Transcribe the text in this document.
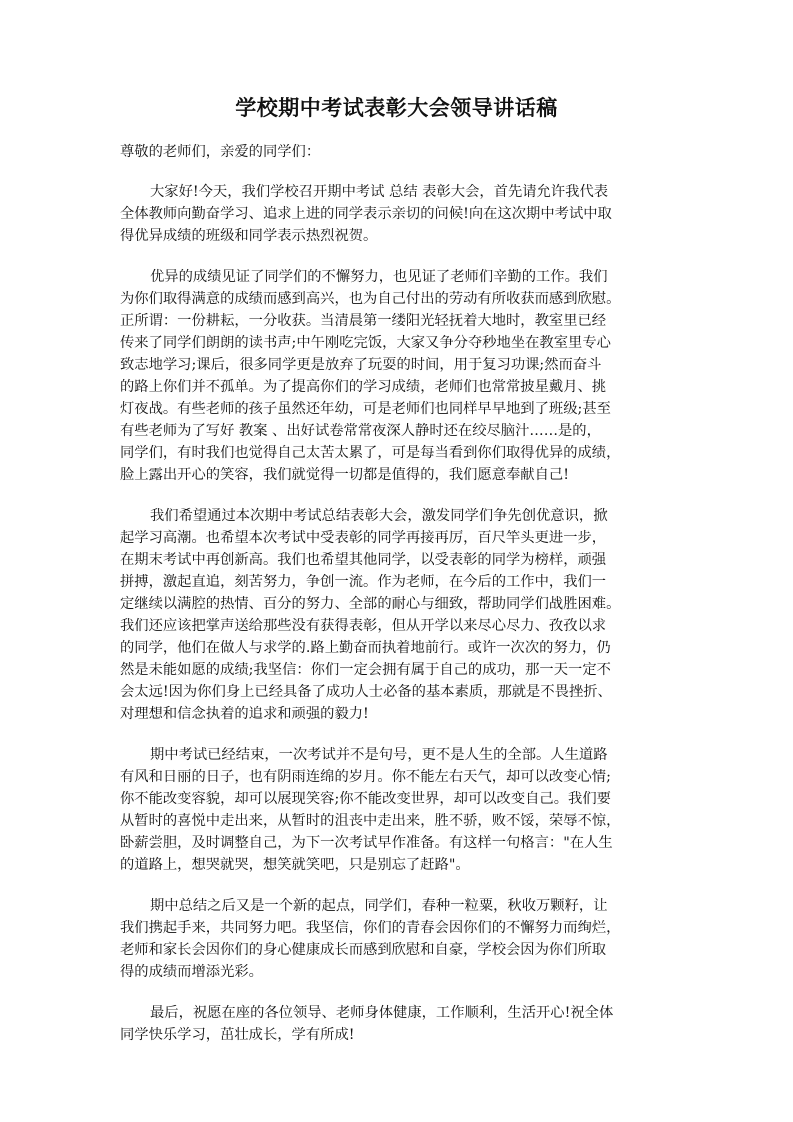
学校期中考试表彰大会领导讲话稿

尊敬的老师们，亲爱的同学们：

大家好!今天，我们学校召开期中考试 总结 表彰大会，首先请允许我代表
全体教师向勤奋学习、追求上进的同学表示亲切的问候!向在这次期中考试中取
得优异成绩的班级和同学表示热烈祝贺。

优异的成绩见证了同学们的不懈努力，也见证了老师们辛勤的工作。我们
为你们取得满意的成绩而感到高兴，也为自己付出的劳动有所收获而感到欣慰。
正所谓：一份耕耘，一分收获。当清晨第一缕阳光轻抚着大地时，教室里已经
传来了同学们朗朗的读书声;中午刚吃完饭，大家又争分夺秒地坐在教室里专心
致志地学习;课后，很多同学更是放弃了玩耍的时间，用于复习功课;然而奋斗
的路上你们并不孤单。为了提高你们的学习成绩，老师们也常常披星戴月、挑
灯夜战。有些老师的孩子虽然还年幼，可是老师们也同样早早地到了班级;甚至
有些老师为了写好 教案 、出好试卷常常夜深人静时还在绞尽脑汁……是的，
同学们，有时我们也觉得自己太苦太累了，可是每当看到你们取得优异的成绩，
脸上露出开心的笑容，我们就觉得一切都是值得的，我们愿意奉献自己!

我们希望通过本次期中考试总结表彰大会，激发同学们争先创优意识，掀
起学习高潮。也希望本次考试中受表彰的同学再接再厉，百尺竿头更进一步，
在期末考试中再创新高。我们也希望其他同学，以受表彰的同学为榜样，顽强
拼搏，激起直追，刻苦努力，争创一流。作为老师，在今后的工作中，我们一
定继续以满腔的热情、百分的努力、全部的耐心与细致，帮助同学们战胜困难。
我们还应该把掌声送给那些没有获得表彰，但从开学以来尽心尽力、孜孜以求
的同学，他们在做人与求学的.路上勤奋而执着地前行。或许一次次的努力，仍
然是未能如愿的成绩;我坚信：你们一定会拥有属于自己的成功，那一天一定不
会太远!因为你们身上已经具备了成功人士必备的基本素质，那就是不畏挫折、
对理想和信念执着的追求和顽强的毅力!

期中考试已经结束，一次考试并不是句号，更不是人生的全部。人生道路
有风和日丽的日子，也有阴雨连绵的岁月。你不能左右天气，却可以改变心情;
你不能改变容貌，却可以展现笑容;你不能改变世界，却可以改变自己。我们要
从暂时的喜悦中走出来，从暂时的沮丧中走出来，胜不骄，败不馁，荣辱不惊，
卧薪尝胆，及时调整自己，为下一次考试早作准备。有这样一句格言："在人生
的道路上，想哭就哭，想笑就笑吧，只是别忘了赶路"。

期中总结之后又是一个新的起点，同学们，春种一粒粟，秋收万颗籽，让
我们携起手来，共同努力吧。我坚信，你们的青春会因你们的不懈努力而绚烂，
老师和家长会因你们的身心健康成长而感到欣慰和自豪，学校会因为你们所取
得的成绩而增添光彩。

最后，祝愿在座的各位领导、老师身体健康，工作顺利，生活开心!祝全体
同学快乐学习，茁壮成长，学有所成!
